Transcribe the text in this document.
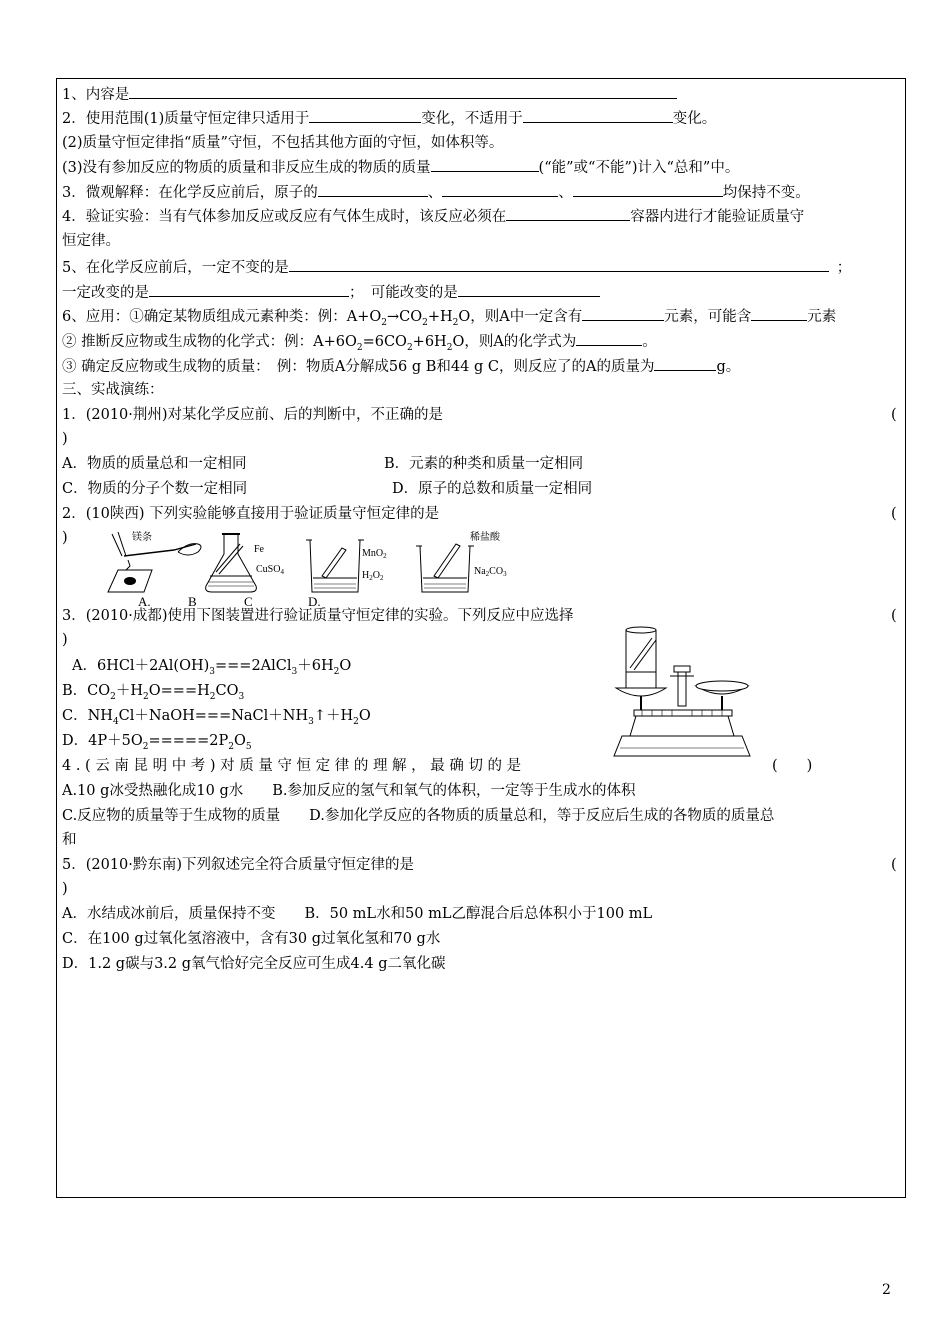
1、内容是
2．使用范围(1)质量守恒定律只适用于	变化，不适用于	变化。
(2)质量守恒定律指“质量”守恒，不包括其他方面的守恒，如体积等。
(3)没有参加反应的物质的质量和非反应生成的物质的质量	(“能”或“不能”)计入“总和”中。
3．微观解释：在化学反应前后，原子的	、	、	均保持不变。
4．验证实验：当有气体参加反应或反应有气体生成时，该反应必须在	容器内进行才能验证质量守
恒定律。
5、在化学反应前后，一定不变的是	；
一定改变的是	；　可能改变的是
6、应用：①确定某物质组成元素种类：例：$A+O_2\to CO_2+H_2O$，则A中一定含有	元素，可能含	元素
② 推断反应物或生成物的化学式：例：$A+6O_2=6CO_2+6H_2O$，则A的化学式为	。
③ 确定反应物或生成物的质量：　例：物质A分解成56 g B和44 g C，则反应了的A的质量为	g。
三、实战演练：
1．(2010·荆州)对某化学反应前、后的判断中，不正确的是	(
)
A．物质的质量总和一定相同	B．元素的种类和质量一定相同
C．物质的分子个数一定相同	D．原子的总数和质量一定相同
2．(10陕西) 下列实验能够直接用于验证质量守恒定律的是	(
)	镁条
A.
Fe
CuSO$_4$
B	C
MnO$_2$
$H_2O_2$
D.
稀盐酸
$Na_2CO_3$
3．(2010·成都)使用下图装置进行验证质量守恒定律的实验。下列反应中应选择	(
)
A．$6HCl+2Al(OH)_3===2AlCl_3+6H_2O$
B．$CO_2+H_2O===H_2CO_3$
C．$NH_4Cl+NaOH===NaCl+NH_3↑+H_2O$
D．$4P+5O_2=====2P_2O_5$
4.(云南昆明中考)对质量守恒定律的理解，最确切的是	(　　)
A.10 g冰受热融化成10 g水　　B.参加反应的氢气和氧气的体积，一定等于生成水的体积
C.反应物的质量等于生成物的质量　　D.参加化学反应的各物质的质量总和，等于反应后生成的各物质的质量总
和
5．(2010·黔东南)下列叙述完全符合质量守恒定律的是	(
)
A．水结成冰前后，质量保持不变　　B．50 mL水和50 mL乙醇混合后总体积小于100 mL
C．在100 g过氧化氢溶液中，含有30 g过氧化氢和70 g水
D．1.2 g碳与3.2 g氧气恰好完全反应可生成4.4 g二氧化碳
2
